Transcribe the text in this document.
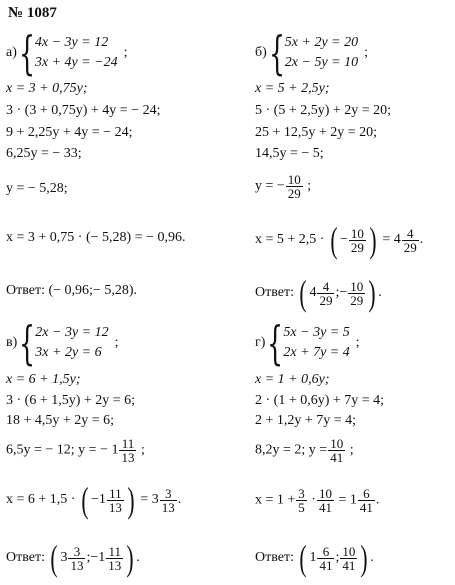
№ 1087
а) { 4x − 3y = 12
3x + 4y = −24
;
x = 3 + 0,75y;
3 · (3 + 0,75y) + 4y = − 24;
9 + 2,25y + 4y = − 24;
6,25y = − 33;
y = − 5,28;
x = 3 + 0,75 · (− 5,28) = − 0,96.
Ответ: (− 0,96;− 5,28).
в) { 2x − 3y = 12
3x + 2y = 6
;
x = 6 + 1,5y;
3 · (6 + 1,5y) + 2y = 6;
18 + 4,5y + 2y = 6;
6,5y = − 12; y = − $1 \frac{11}{13}$ ;
x = 6 + 1,5 · ( $-1 \frac{11}{13}$ ) = $3 \frac{3}{13}$ .
Ответ: ( $3 \frac{3}{13}$ ;−1 $\frac{11}{13}$ ) .
б) { 5x + 2y = 20
2x − 5y = 10
;
x = 5 + 2,5y;
5 · (5 + 2,5y) + 2y = 20;
25 + 12,5y + 2y = 20;
14,5y = − 5;
y = − $\frac{10}{29}$ ;
x = 5 + 2,5 · ( − $\frac{10}{29}$ ) = $4 \frac{4}{29}$ .
Ответ: ( $4 \frac{4}{29}$ ;− $\frac{10}{29}$ ) .
г) { 5x − 3y = 5
2x + 7y = 4
;
x = 1 + 0,6y;
2 · (1 + 0,6y) + 7y = 4;
2 + 1,2y + 7y = 4;
8,2y = 2; $y = \frac{10}{41}$ ;
$x = 1 + \frac{3}{5} \cdot \frac{10}{41} = 1 \frac{6}{41}$ .
Ответ: ( $1 \frac{6}{41}$ ; $\frac{10}{41}$ ) .
